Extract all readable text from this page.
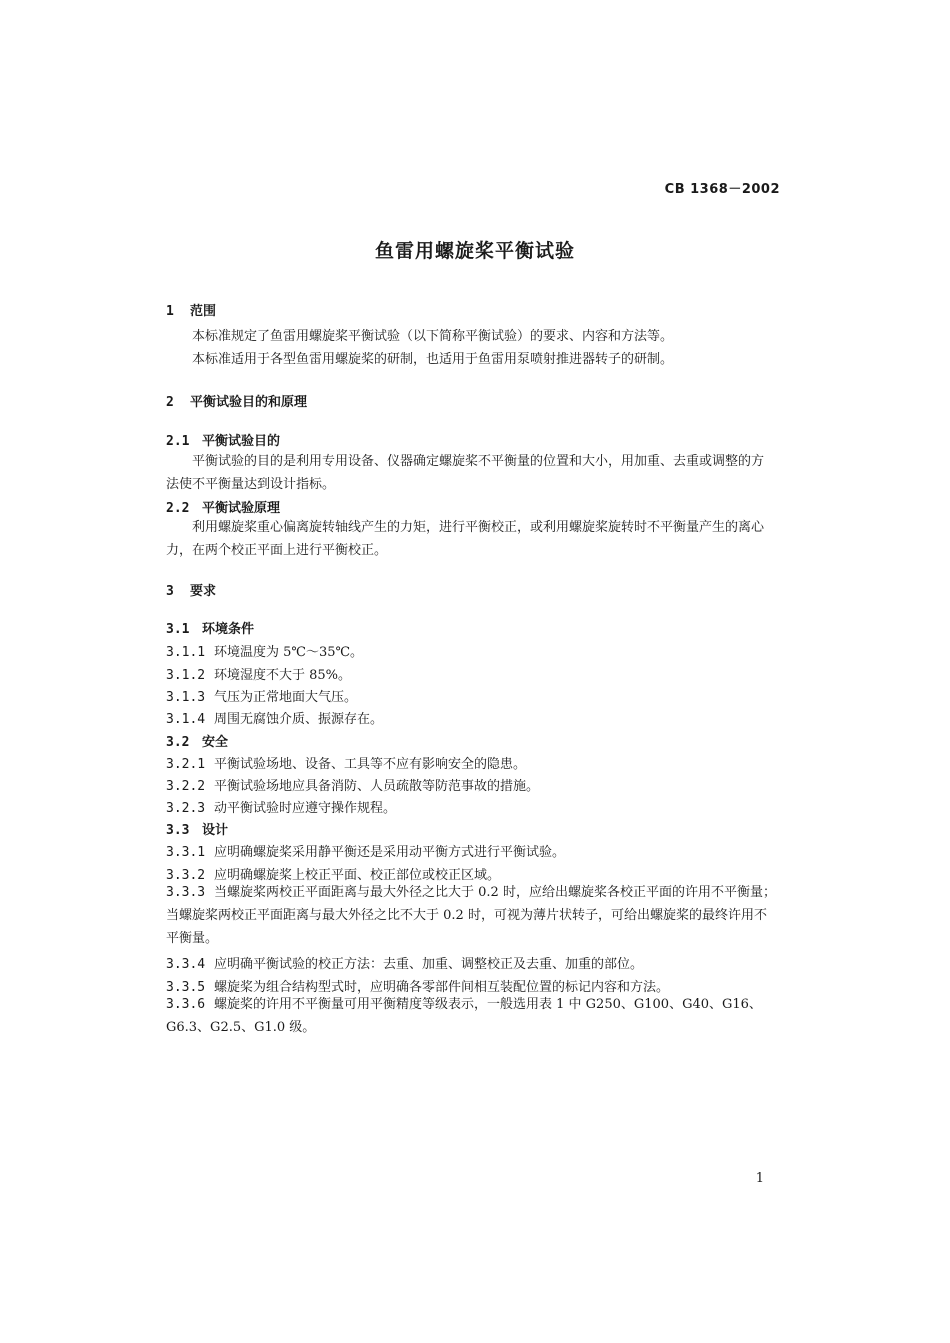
CB 1368－2002
鱼雷用螺旋桨平衡试验
1 范围

本标准规定了鱼雷用螺旋桨平衡试验（以下简称平衡试验）的要求、内容和方法等。

本标准适用于各型鱼雷用螺旋桨的研制，也适用于鱼雷用泵喷射推进器转子的研制。

2 平衡试验目的和原理
2.1 平衡试验目的

平衡试验的目的是利用专用设备、仪器确定螺旋桨不平衡量的位置和大小，用加重、去重或调整的方法使不平衡量达到设计指标。

2.2 平衡试验原理

利用螺旋桨重心偏离旋转轴线产生的力矩，进行平衡校正，或利用螺旋桨旋转时不平衡量产生的离心力，在两个校正平面上进行平衡校正。

3 要求
3.1 环境条件
3.1.1 环境温度为 5℃～35℃。
3.1.2 环境湿度不大于 85%。
3.1.3 气压为正常地面大气压。
3.1.4 周围无腐蚀介质、振源存在。
3.2 安全
3.2.1 平衡试验场地、设备、工具等不应有影响安全的隐患。
3.2.2 平衡试验场地应具备消防、人员疏散等防范事故的措施。
3.2.3 动平衡试验时应遵守操作规程。
3.3 设计
3.3.1 应明确螺旋桨采用静平衡还是采用动平衡方式进行平衡试验。
3.3.2 应明确螺旋桨上校正平面、校正部位或校正区域。

3.3.3 当螺旋桨两校正平面距离与最大外径之比大于 0.2 时，应给出螺旋桨各校正平面的许用不平衡量；当螺旋桨两校正平面距离与最大外径之比不大于 0.2 时，可视为薄片状转子，可给出螺旋桨的最终许用不平衡量。

3.3.4 应明确平衡试验的校正方法：去重、加重、调整校正及去重、加重的部位。
3.3.5 螺旋桨为组合结构型式时，应明确各零部件间相互装配位置的标记内容和方法。

3.3.6 螺旋桨的许用不平衡量可用平衡精度等级表示，一般选用表 1 中 G250、G100、G40、G16、G6.3、G2.5、G1.0 级。

1
